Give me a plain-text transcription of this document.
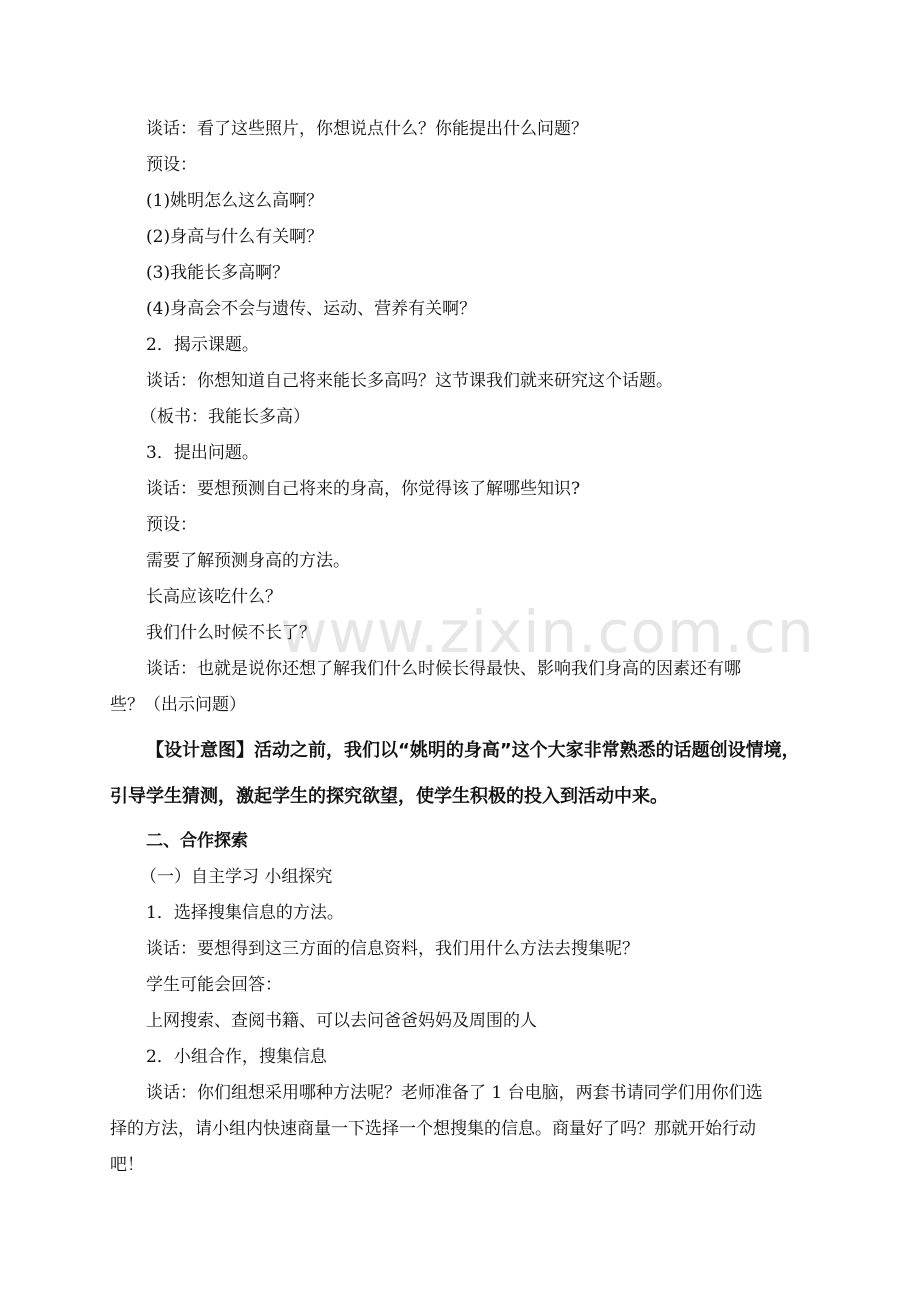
www.zixin.com.cn
谈话：看了这些照片，你想说点什么？你能提出什么问题？
预设：
(1)姚明怎么这么高啊？
(2)身高与什么有关啊？
(3)我能长多高啊？
(4)身高会不会与遗传、运动、营养有关啊？
2．揭示课题。
谈话：你想知道自己将来能长多高吗？这节课我们就来研究这个话题。
（板书：我能长多高）
3．提出问题。
谈话：要想预测自己将来的身高，你觉得该了解哪些知识?
预设：
需要了解预测身高的方法。
长高应该吃什么？
我们什么时候不长了？
谈话：也就是说你还想了解我们什么时候长得最快、影响我们身高的因素还有哪
些？（出示问题）
【设计意图】活动之前，我们以“姚明的身高”这个大家非常熟悉的话题创设情境，
引导学生猜测，激起学生的探究欲望，使学生积极的投入到活动中来。
二、合作探索
（一）自主学习 小组探究
1．选择搜集信息的方法。
谈话：要想得到这三方面的信息资料，我们用什么方法去搜集呢？
学生可能会回答：
上网搜索、查阅书籍、可以去问爸爸妈妈及周围的人
2．小组合作，搜集信息
谈话：你们组想采用哪种方法呢？老师准备了 1 台电脑，两套书请同学们用你们选
择的方法，请小组内快速商量一下选择一个想搜集的信息。商量好了吗？那就开始行动
吧！
